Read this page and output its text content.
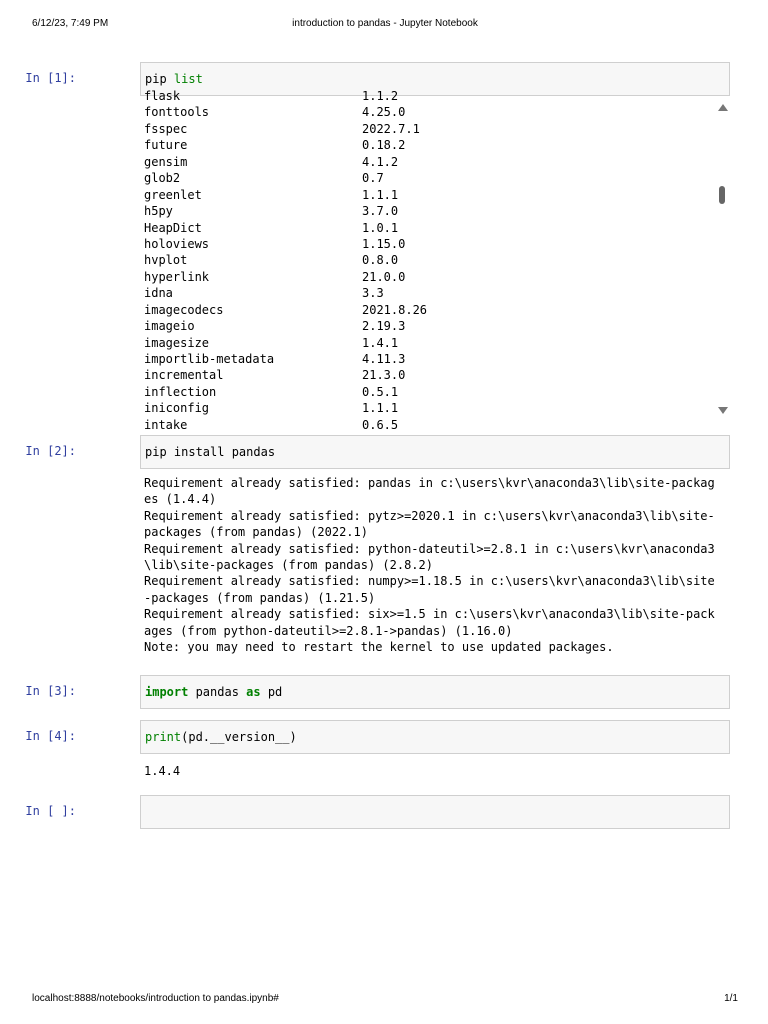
6/12/23, 7:49 PM	introduction to pandas - Jupyter Notebook
In [1]:	pip list
flask	1.1.2
fonttools	4.25.0
fsspec	2022.7.1
future	0.18.2
gensim	4.1.2
glob2	0.7
greenlet	1.1.1
h5py	3.7.0
HeapDict	1.0.1
holoviews	1.15.0
hvplot	0.8.0
hyperlink	21.0.0
idna	3.3
imagecodecs	2021.8.26
imageio	2.19.3
imagesize	1.4.1
importlib-metadata	4.11.3
incremental	21.3.0
inflection	0.5.1
iniconfig	1.1.1
intake	0.6.5
In [2]:	pip install pandas
Requirement already satisfied: pandas in c:\users\kvr\anaconda3\lib\site-packag
es (1.4.4)
Requirement already satisfied: pytz>=2020.1 in c:\users\kvr\anaconda3\lib\site-
packages (from pandas) (2022.1)
Requirement already satisfied: python-dateutil>=2.8.1 in c:\users\kvr\anaconda3
\lib\site-packages (from pandas) (2.8.2)
Requirement already satisfied: numpy>=1.18.5 in c:\users\kvr\anaconda3\lib\site
-packages (from pandas) (1.21.5)
Requirement already satisfied: six>=1.5 in c:\users\kvr\anaconda3\lib\site-pack
ages (from python-dateutil>=2.8.1->pandas) (1.16.0)
Note: you may need to restart the kernel to use updated packages.
In [3]:	import pandas as pd
In [4]:	print(pd.__version__)
1.4.4
In [ ]:
localhost:8888/notebooks/introduction to pandas.ipynb#	1/1
